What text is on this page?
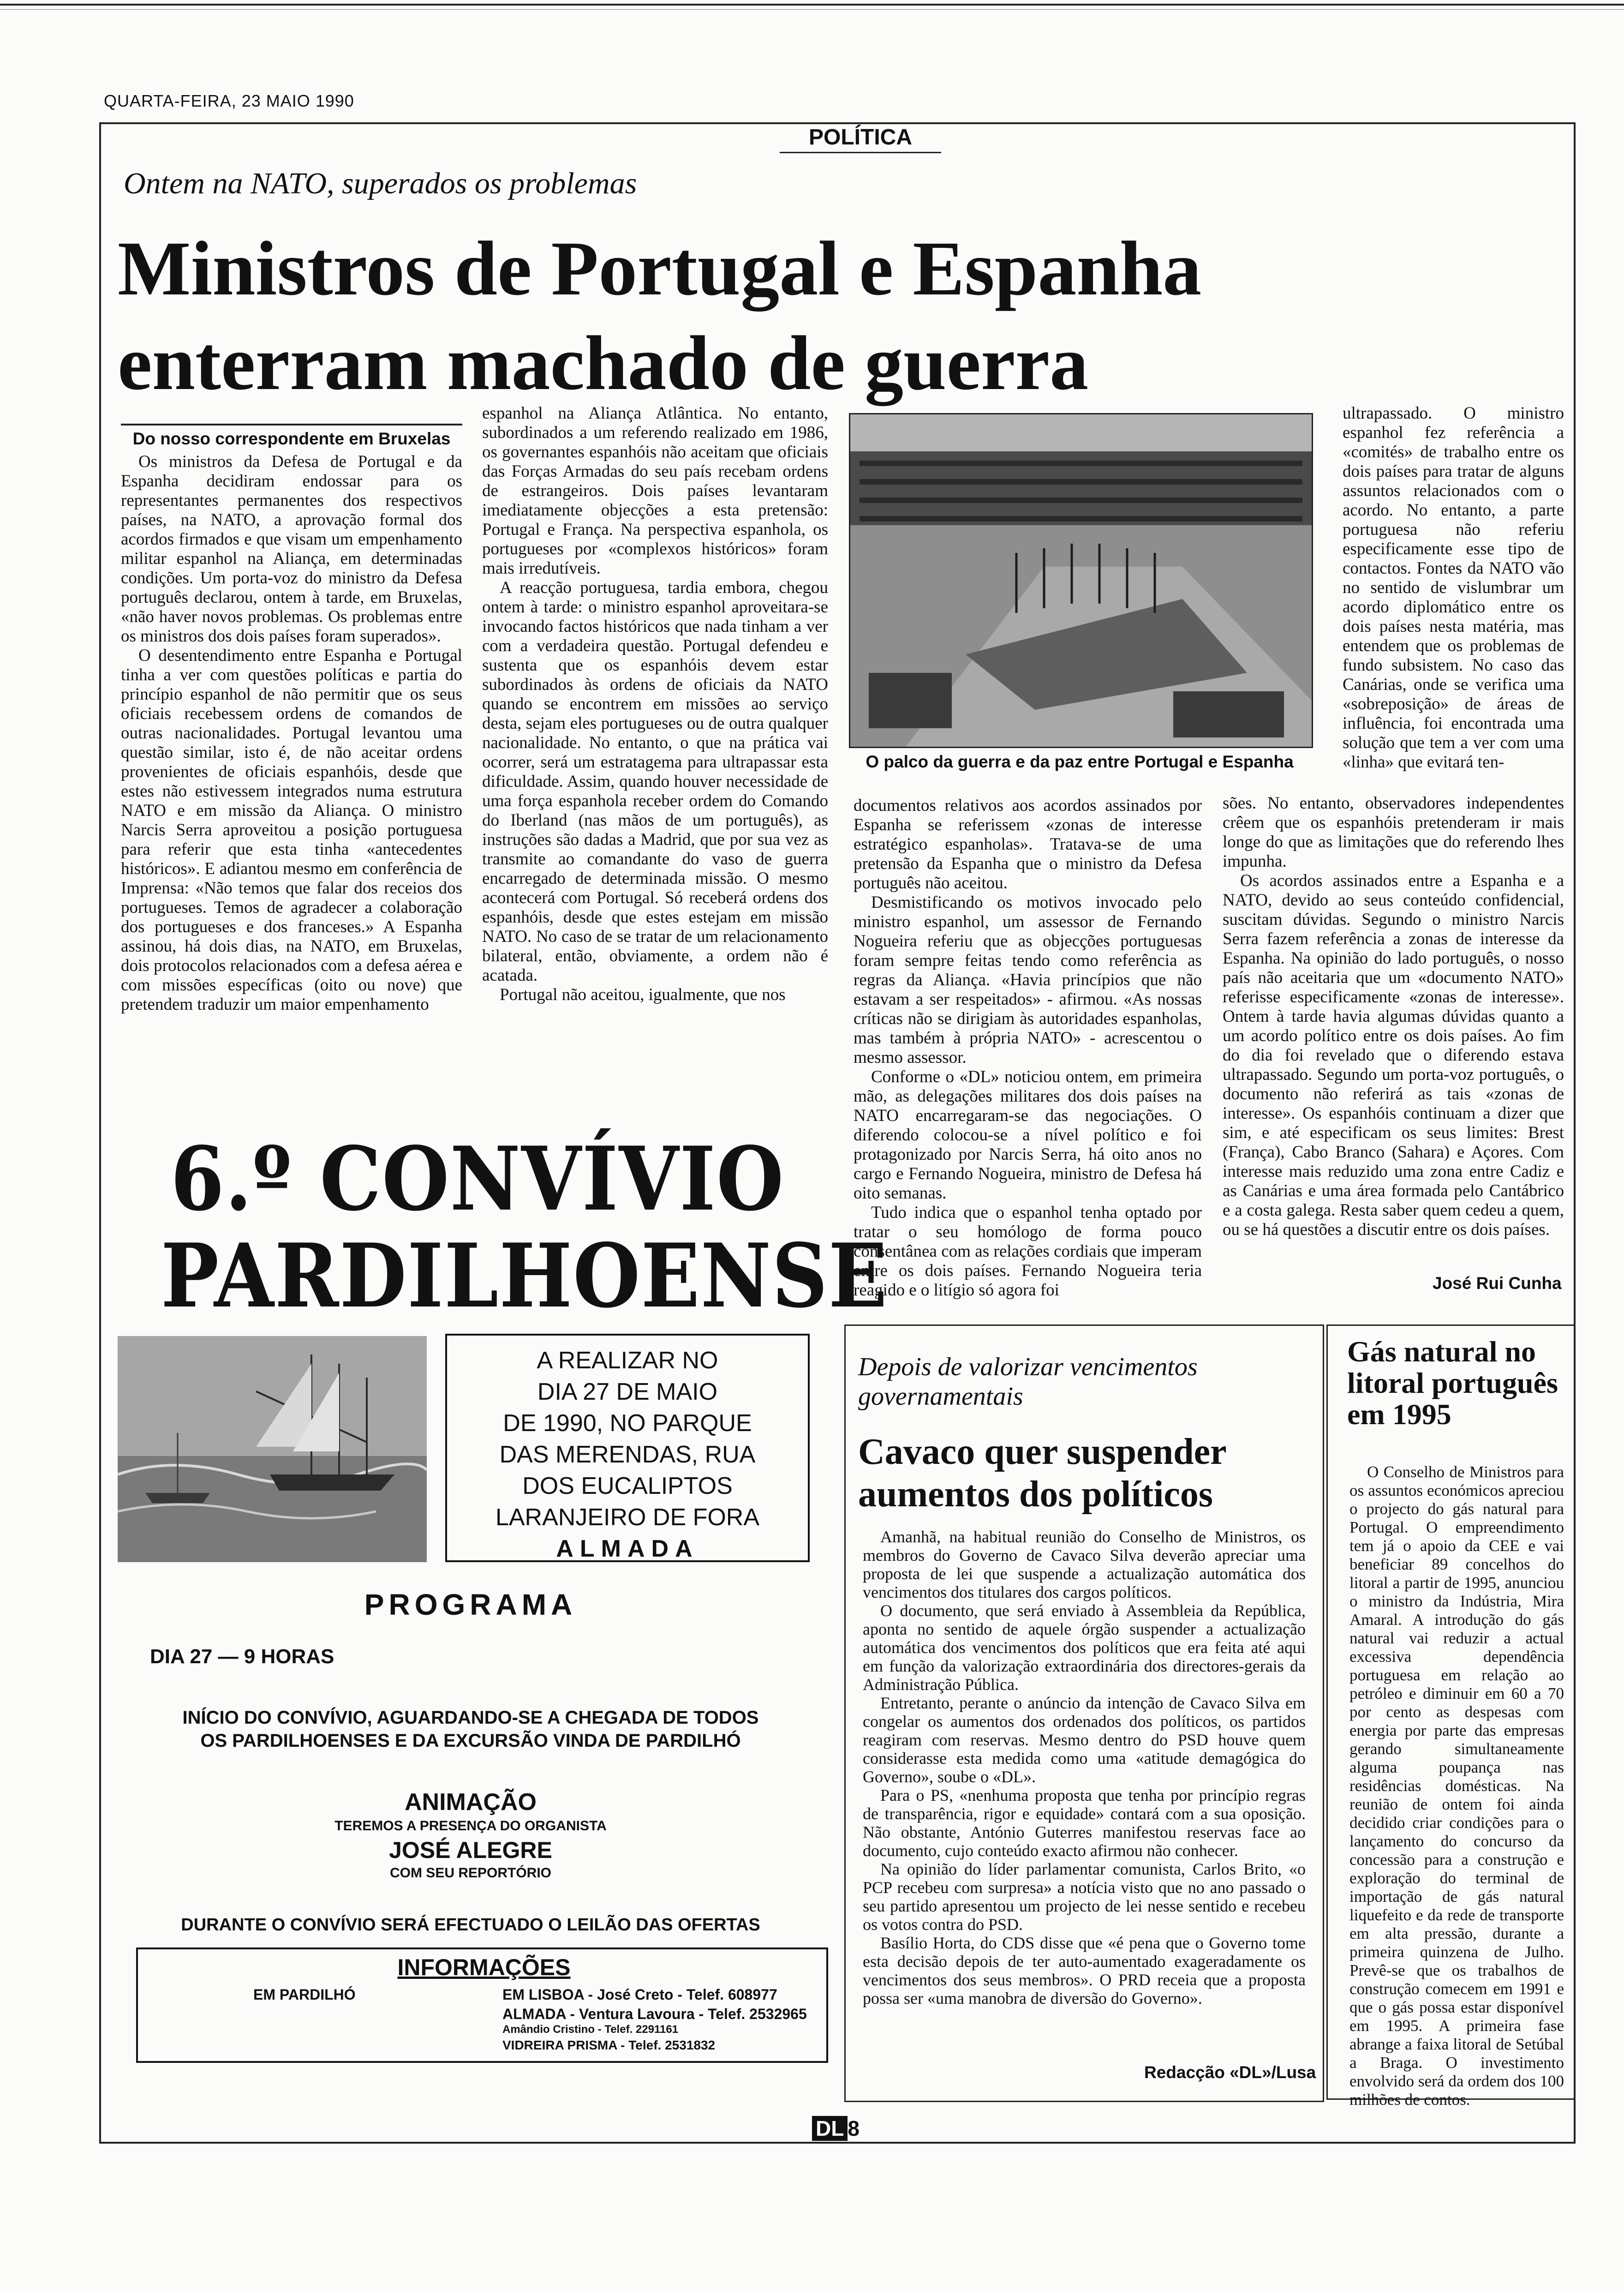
QUARTA-FEIRA, 23 MAIO 1990
POLÍTICA
Ontem na NATO, superados os problemas
Ministros de Portugal e Espanha enterram machado de guerra
Do nosso correspondente em Bruxelas

Os ministros da Defesa de Portugal e da Espanha decidiram endossar para os representantes permanentes dos respectivos países, na NATO, a aprovação formal dos acordos firmados e que visam um empenhamento militar espanhol na Aliança, em determinadas condições. Um porta-voz do ministro da Defesa português declarou, ontem à tarde, em Bruxelas, «não haver novos problemas. Os problemas entre os ministros dos dois países foram superados».

O desentendimento entre Espanha e Portugal tinha a ver com questões políticas e partia do princípio espanhol de não permitir que os seus oficiais recebessem ordens de comandos de outras nacionalidades. Portugal levantou uma questão similar, isto é, de não aceitar ordens provenientes de oficiais espanhóis, desde que estes não estivessem integrados numa estrutura NATO e em missão da Aliança. O ministro Narcis Serra aproveitou a posição portuguesa para referir que esta tinha «antecedentes históricos». E adiantou mesmo em conferência de Imprensa: «Não temos que falar dos receios dos portugueses. Temos de agradecer a colaboração dos portugueses e dos franceses.» A Espanha assinou, há dois dias, na NATO, em Bruxelas, dois protocolos relacionados com a defesa aérea e com missões específicas (oito ou nove) que pretendem traduzir um maior empenhamento

espanhol na Aliança Atlântica. No entanto, subordinados a um referendo realizado em 1986, os governantes espanhóis não aceitam que oficiais das Forças Armadas do seu país recebam ordens de estrangeiros. Dois países levantaram imediatamente objecções a esta pretensão: Portugal e França. Na perspectiva espanhola, os portugueses por «complexos históricos» foram mais irredutíveis.

A reacção portuguesa, tardia embora, chegou ontem à tarde: o ministro espanhol aproveitara-se invocando factos históricos que nada tinham a ver com a verdadeira questão. Portugal defendeu e sustenta que os espanhóis devem estar subordinados às ordens de oficiais da NATO quando se encontrem em missões ao serviço desta, sejam eles portugueses ou de outra qualquer nacionalidade. No entanto, o que na prática vai ocorrer, será um estratagema para ultrapassar esta dificuldade. Assim, quando houver necessidade de uma força espanhola receber ordem do Comando do Iberland (nas mãos de um português), as instruções são dadas a Madrid, que por sua vez as transmite ao comandante do vaso de guerra encarregado de determinada missão. O mesmo acontecerá com Portugal. Só receberá ordens dos espanhóis, desde que estes estejam em missão NATO. No caso de se tratar de um relacionamento bilateral, então, obviamente, a ordem não é acatada.

Portugal não aceitou, igualmente, que nos

O palco da guerra e da paz entre Portugal e Espanha

documentos relativos aos acordos assinados por Espanha se referissem «zonas de interesse estratégico espanholas». Tratava-se de uma pretensão da Espanha que o ministro da Defesa português não aceitou.

Desmistificando os motivos invocado pelo ministro espanhol, um assessor de Fernando Nogueira referiu que as objecções portuguesas foram sempre feitas tendo como referência as regras da Aliança. «Havia princípios que não estavam a ser respeitados» - afirmou. «As nossas críticas não se dirigiam às autoridades espanholas, mas também à própria NATO» - acrescentou o mesmo assessor.

Conforme o «DL» noticiou ontem, em primeira mão, as delegações militares dos dois países na NATO encarregaram-se das negociações. O diferendo colocou-se a nível político e foi protagonizado por Narcis Serra, há oito anos no cargo e Fernando Nogueira, ministro de Defesa há oito semanas.

Tudo indica que o espanhol tenha optado por tratar o seu homólogo de forma pouco consentânea com as relações cordiais que imperam entre os dois países. Fernando Nogueira teria reagido e o litígio só agora foi

ultrapassado. O ministro espanhol fez referência a «comités» de trabalho entre os dois países para tratar de alguns assuntos relacionados com o acordo. No entanto, a parte portuguesa não referiu especificamente esse tipo de contactos. Fontes da NATO vão no sentido de vislumbrar um acordo diplomático entre os dois países nesta matéria, mas entendem que os problemas de fundo subsistem. No caso das Canárias, onde se verifica uma «sobreposição» de áreas de influência, foi encontrada uma solução que tem a ver com uma «linha» que evitará ten-

sões. No entanto, observadores independentes crêem que os espanhóis pretenderam ir mais longe do que as limitações que do referendo lhes impunha.

Os acordos assinados entre a Espanha e a NATO, devido ao seus conteúdo confidencial, suscitam dúvidas. Segundo o ministro Narcis Serra fazem referência a zonas de interesse da Espanha. Na opinião do lado português, o nosso país não aceitaria que um «documento NATO» referisse especificamente «zonas de interesse». Ontem à tarde havia algumas dúvidas quanto a um acordo político entre os dois países. Ao fim do dia foi revelado que o diferendo estava ultrapassado. Segundo um porta-voz português, o documento não referirá as tais «zonas de interesse». Os espanhóis continuam a dizer que sim, e até especificam os seus limites: Brest (França), Cabo Branco (Sahara) e Açores. Com interesse mais reduzido uma zona entre Cadiz e as Canárias e uma área formada pelo Cantábrico e a costa galega. Resta saber quem cedeu a quem, ou se há questões a discutir entre os dois países.

José Rui Cunha
6.º CONVÍVIO
PARDILHOENSE
A REALIZAR NO
DIA 27 DE MAIO
DE 1990, NO PARQUE
DAS MERENDAS, RUA
DOS EUCALIPTOS
LARANJEIRO DE FORA
ALMADA
PROGRAMA
DIA 27 — 9 HORAS
INÍCIO DO CONVÍVIO, AGUARDANDO-SE A CHEGADA DE TODOS
OS PARDILHOENSES E DA EXCURSÃO VINDA DE PARDILHÓ
ANIMAÇÃO
TEREMOS A PRESENÇA DO ORGANISTA
JOSÉ ALEGRE
COM SEU REPORTÓRIO
DURANTE O CONVÍVIO SERÁ EFECTUADO O LEILÃO DAS OFERTAS
INFORMAÇÕES
EM PARDILHÓ	EM LISBOA - José Creto - Telef. 608977
ALMADA - Ventura Lavoura - Telef. 2532965
Amândio Cristino - Telef. 2291161
VIDREIRA PRISMA - Telef. 2531832
Depois de valorizar vencimentos governamentais
Cavaco quer suspender aumentos dos políticos

Amanhã, na habitual reunião do Conselho de Ministros, os membros do Governo de Cavaco Silva deverão apreciar uma proposta de lei que suspende a actualização automática dos vencimentos dos titulares dos cargos políticos.

O documento, que será enviado à Assembleia da República, aponta no sentido de aquele órgão suspender a actualização automática dos vencimentos dos políticos que era feita até aqui em função da valorização extraordinária dos directores-gerais da Administração Pública.

Entretanto, perante o anúncio da intenção de Cavaco Silva em congelar os aumentos dos ordenados dos políticos, os partidos reagiram com reservas. Mesmo dentro do PSD houve quem considerasse esta medida como uma «atitude demagógica do Governo», soube o «DL».

Para o PS, «nenhuma proposta que tenha por princípio regras de transparência, rigor e equidade» contará com a sua oposição. Não obstante, António Guterres manifestou reservas face ao documento, cujo conteúdo exacto afirmou não conhecer.

Na opinião do líder parlamentar comunista, Carlos Brito, «o PCP recebeu com surpresa» a notícia visto que no ano passado o seu partido apresentou um projecto de lei nesse sentido e recebeu os votos contra do PSD.

Basílio Horta, do CDS disse que «é pena que o Governo tome esta decisão depois de ter auto-aumentado exageradamente os vencimentos dos seus membros». O PRD receia que a proposta possa ser «uma manobra de diversão do Governo».

Redacção «DL»/Lusa
Gás natural no litoral português em 1995

O Conselho de Ministros para os assuntos económicos apreciou o projecto do gás natural para Portugal. O empreendimento tem já o apoio da CEE e vai beneficiar 89 concelhos do litoral a partir de 1995, anunciou o ministro da Indústria, Mira Amaral. A introdução do gás natural vai reduzir a actual excessiva dependência portuguesa em relação ao petróleo e diminuir em 60 a 70 por cento as despesas com energia por parte das empresas gerando simultaneamente alguma poupança nas residências domésticas. Na reunião de ontem foi ainda decidido criar condições para o lançamento do concurso da concessão para a construção e exploração do terminal de importação de gás natural liquefeito e da rede de transporte em alta pressão, durante a primeira quinzena de Julho. Prevê-se que os trabalhos de construção comecem em 1991 e que o gás possa estar disponível em 1995. A primeira fase abrange a faixa litoral de Setúbal a Braga. O investimento envolvido será da ordem dos 100 milhões de contos.

DL 8
